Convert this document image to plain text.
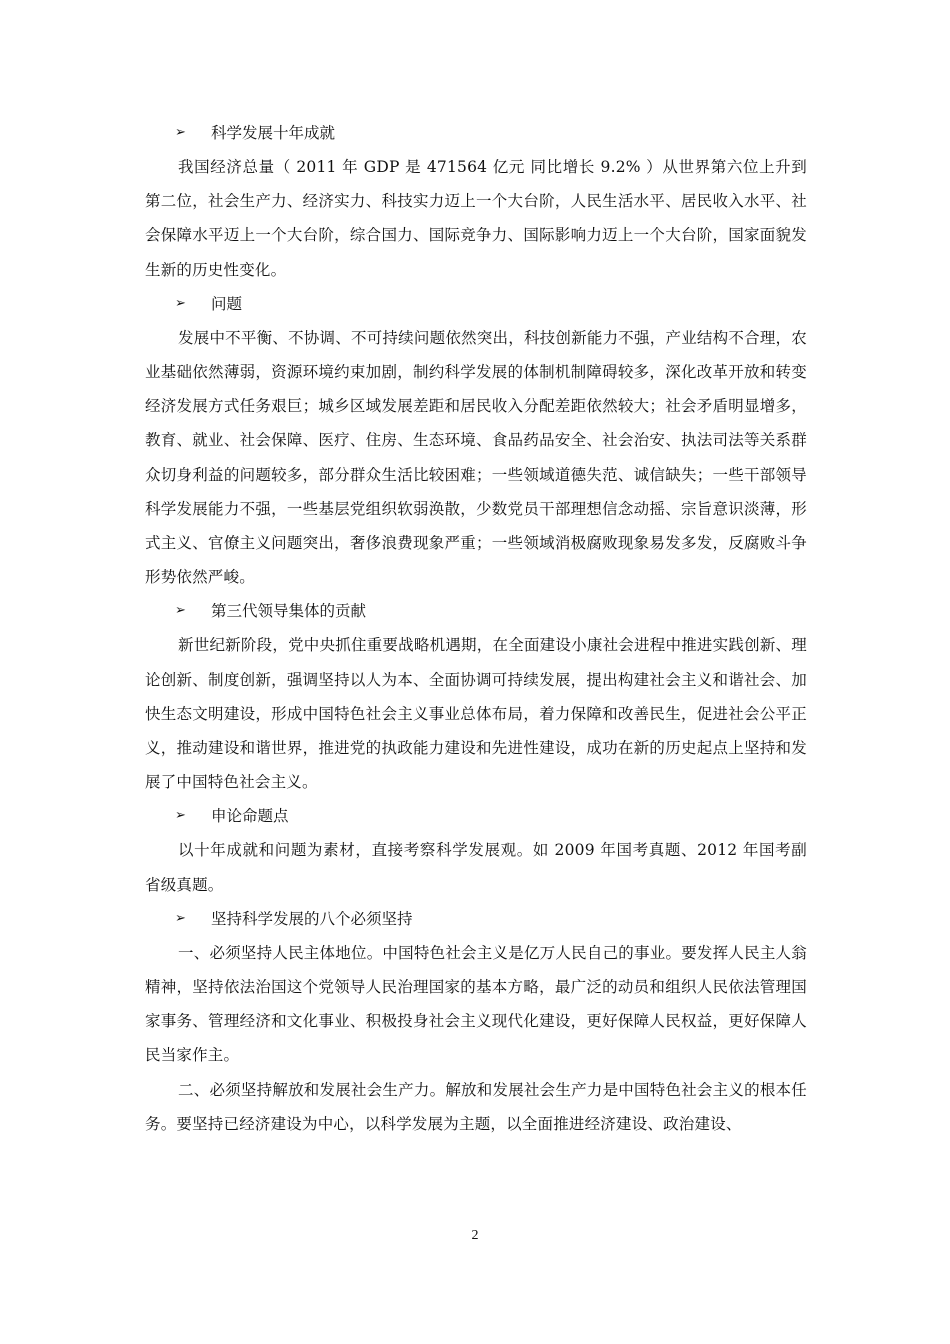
➢ 科学发展十年成就

我国经济总量（ 2011 年 GDP 是 471564 亿元 同比增长 9.2% ）从世界第六位上升到第二位，社会生产力、经济实力、科技实力迈上一个大台阶，人民生活水平、居民收入水平、社会保障水平迈上一个大台阶，综合国力、国际竞争力、国际影响力迈上一个大台阶，国家面貌发生新的历史性变化。

➢ 问题

发展中不平衡、不协调、不可持续问题依然突出，科技创新能力不强，产业结构不合理，农业基础依然薄弱，资源环境约束加剧，制约科学发展的体制机制障碍较多，深化改革开放和转变经济发展方式任务艰巨；城乡区域发展差距和居民收入分配差距依然较大；社会矛盾明显增多，教育、就业、社会保障、医疗、住房、生态环境、食品药品安全、社会治安、执法司法等关系群众切身利益的问题较多，部分群众生活比较困难；一些领域道德失范、诚信缺失；一些干部领导科学发展能力不强，一些基层党组织软弱涣散，少数党员干部理想信念动摇、宗旨意识淡薄，形式主义、官僚主义问题突出，奢侈浪费现象严重；一些领域消极腐败现象易发多发，反腐败斗争形势依然严峻。

➢ 第三代领导集体的贡献

新世纪新阶段，党中央抓住重要战略机遇期，在全面建设小康社会进程中推进实践创新、理论创新、制度创新，强调坚持以人为本、全面协调可持续发展，提出构建社会主义和谐社会、加快生态文明建设，形成中国特色社会主义事业总体布局，着力保障和改善民生，促进社会公平正义，推动建设和谐世界，推进党的执政能力建设和先进性建设，成功在新的历史起点上坚持和发展了中国特色社会主义。

➢ 申论命题点

以十年成就和问题为素材，直接考察科学发展观。如 2009 年国考真题、2012 年国考副省级真题。

➢ 坚持科学发展的八个必须坚持

一、必须坚持人民主体地位。中国特色社会主义是亿万人民自己的事业。要发挥人民主人翁精神，坚持依法治国这个党领导人民治理国家的基本方略，最广泛的动员和组织人民依法管理国家事务、管理经济和文化事业、积极投身社会主义现代化建设，更好保障人民权益，更好保障人民当家作主。

二、必须坚持解放和发展社会生产力。解放和发展社会生产力是中国特色社会主义的根本任务。要坚持已经济建设为中心，以科学发展为主题，以全面推进经济建设、政治建设、

2
